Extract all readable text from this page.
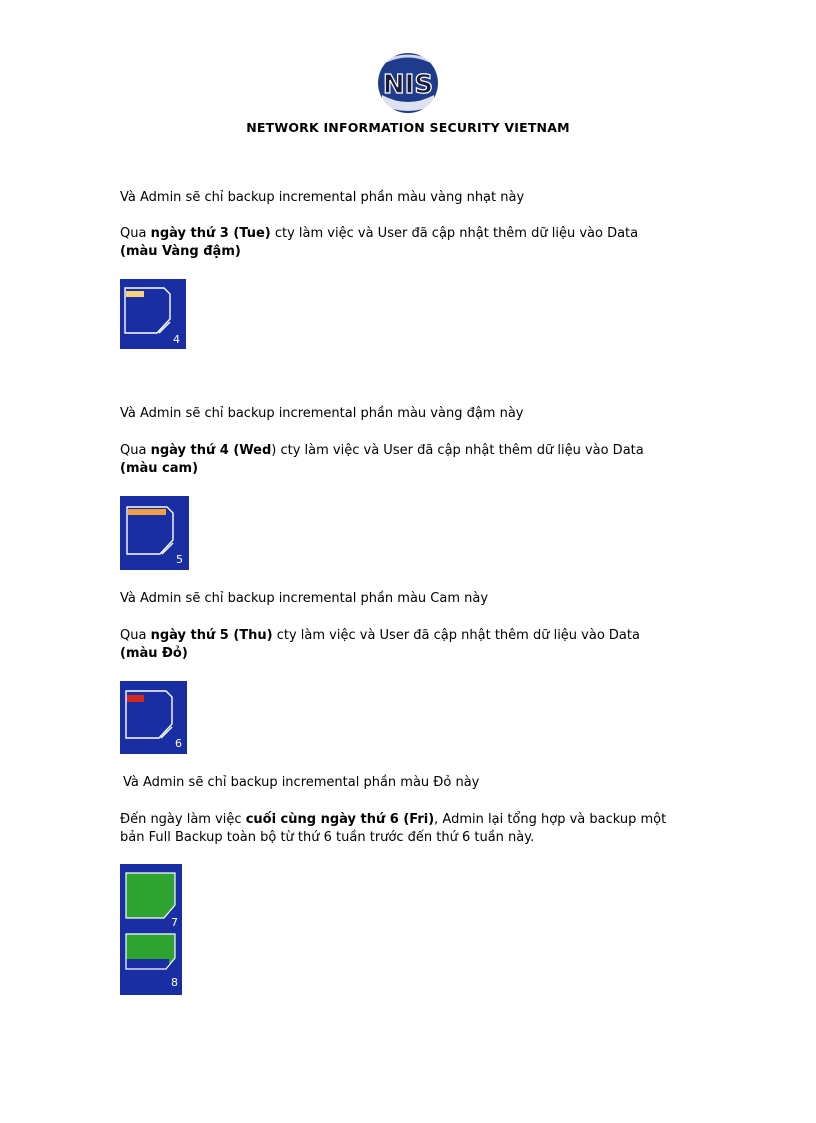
NIS
NETWORK INFORMATION SECURITY VIETNAM
Và Admin sẽ chỉ backup incremental phần màu vàng nhạt này
Qua ngày thứ 3 (Tue) cty làm việc và User đã cập nhật thêm dữ liệu vào Data
(màu Vàng đậm)
4
Và Admin sẽ chỉ backup incremental phần màu vàng đậm này
Qua ngày thứ 4 (Wed) cty làm việc và User đã cập nhật thêm dữ liệu vào Data
(màu cam)
5
Và Admin sẽ chỉ backup incremental phần màu Cam này
Qua ngày thứ 5 (Thu) cty làm việc và User đã cập nhật thêm dữ liệu vào Data
(màu Đỏ)
6
Và Admin sẽ chỉ backup incremental phần màu Đỏ này
Đến ngày làm việc cuối cùng ngày thứ 6 (Fri), Admin lại tổng hợp và backup một
bản Full Backup toàn bộ từ thứ 6 tuần trước đến thứ 6 tuần này.
7
8
